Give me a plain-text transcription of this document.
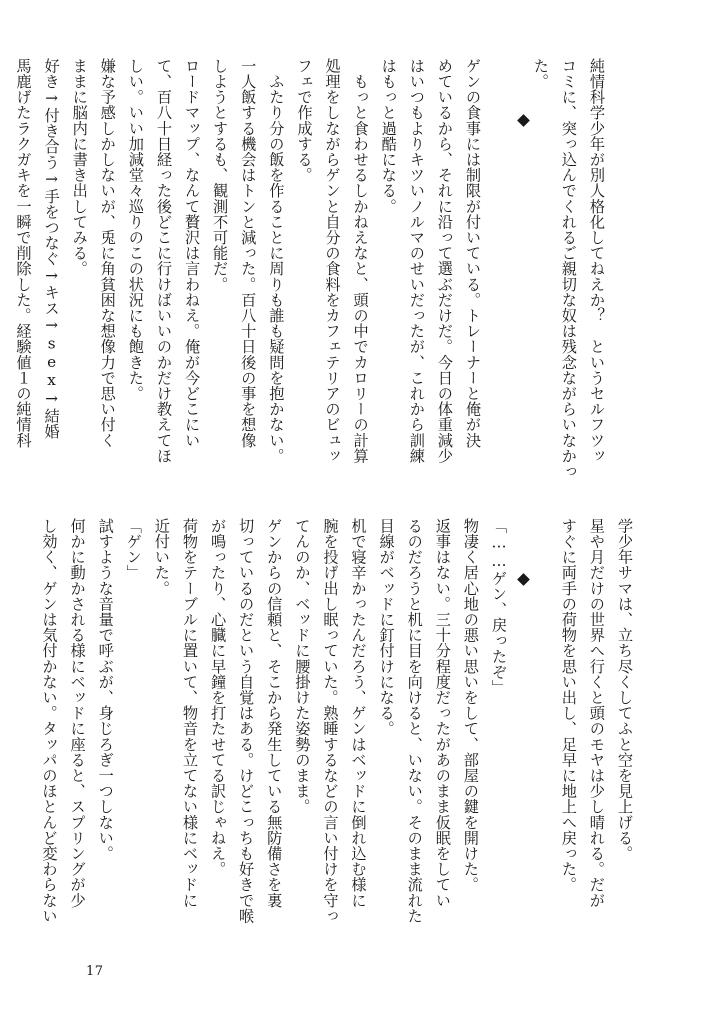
純情科学少年が別人格化してねえか？　というセルフツッ
コミに、突っ込んでくれるご親切な奴は残念ながらいなかっ
た。
ゲンの食事には制限が付いている。トレーナーと俺が決
めているから、それに沿って選ぶだけだ。今日の体重減少
はいつもよりキツいノルマのせいだったが、これから訓練
はもっと過酷になる。
　もっと食わせるしかねえなと、頭の中でカロリーの計算
処理をしながらゲンと自分の食料をカフェテリアのビュッ
フェで作成する。
　ふたり分の飯を作ることに周りも誰も疑問を抱かない。
一人飯する機会はトンと減った。百八十日後の事を想像
しようとするも、観測不可能だ。
ロードマップ、なんて贅沢は言わねえ。俺が今どこにい
て、百八十日経った後どこに行けばいいのかだけ教えてほ
しい。いい加減堂々巡りのこの状況にも飽きた。
嫌な予感しかしないが、兎に角貧困な想像力で思い付く
ままに脳内に書き出してみる。
好き→付き合う→手をつなぐ→キス→sex→結婚
馬鹿げたラクガキを一瞬で削除した。経験値１の純情科
学少年サマは、立ち尽くしてふと空を見上げる。
星や月だけの世界へ行くと頭のモヤは少し晴れる。だが
すぐに両手の荷物を思い出し、足早に地上へ戻った。
「……ゲン、戻ったぞ」
物凄く居心地の悪い思いをして、部屋の鍵を開けた。
返事はない。三十分程度だったがあのまま仮眠をしてい
るのだろうと机に目を向けると、いない。そのまま流れた
目線がベッドに釘付けになる。
机で寝辛かったんだろう、ゲンはベッドに倒れ込む様に
腕を投げ出し眠っていた。熟睡するなどの言い付けを守っ
てんのか、ベッドに腰掛けた姿勢のまま。
ゲンからの信頼と、そこから発生している無防備さを裏
切っているのだという自覚はある。けどこっちも好きで喉
が鳴ったり、心臓に早鐘を打たせてる訳じゃねえ。
荷物をテーブルに置いて、物音を立てない様にベッドに
近付いた。
「ゲン」
試すような音量で呼ぶが、身じろぎ一つしない。
何かに動かされる様にベッドに座ると、スプリングが少
し効く、ゲンは気付かない。タッパのほとんど変わらない
17
